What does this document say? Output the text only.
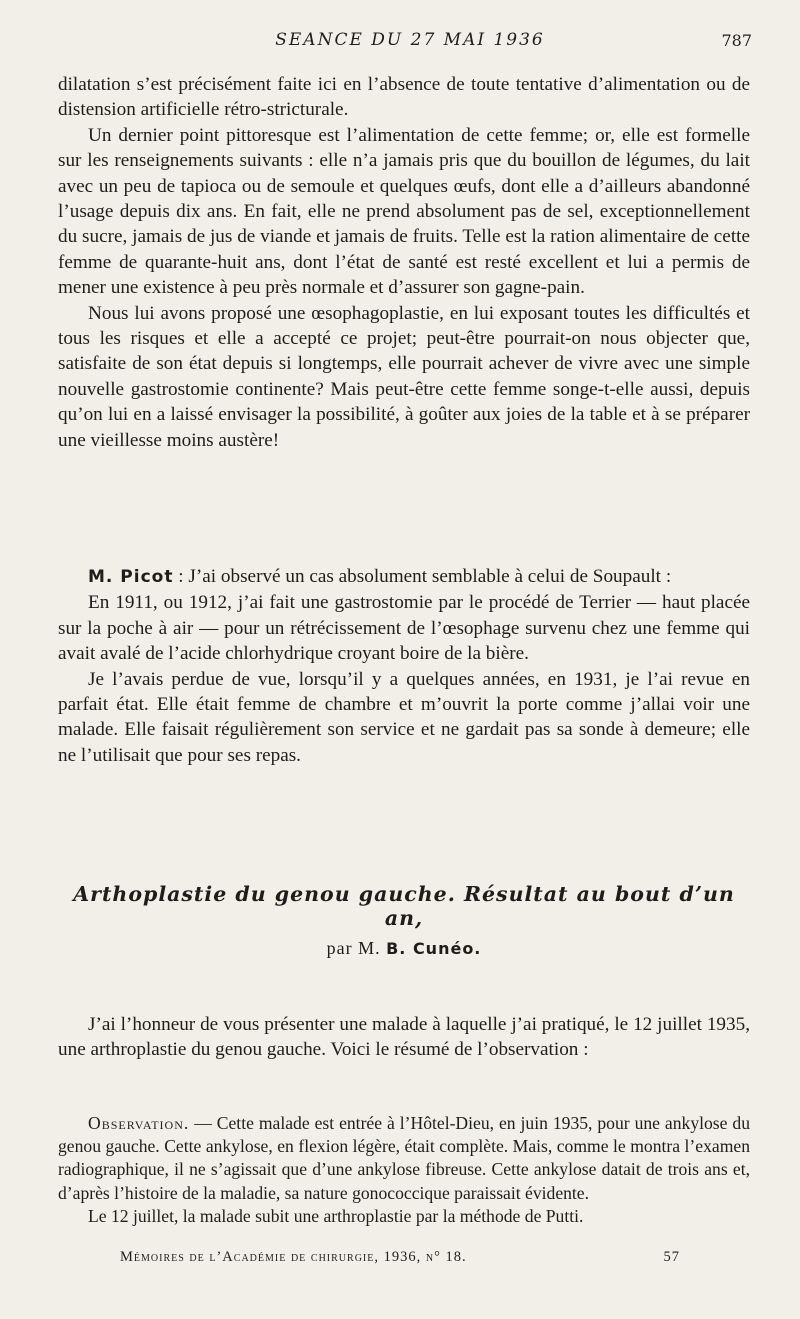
SEANCE DU 27 MAI 1936	787

dilatation s’est précisément faite ici en l’absence de toute tentative d’alimentation ou de distension artificielle rétro-stricturale.

Un dernier point pittoresque est l’alimentation de cette femme; or, elle est formelle sur les renseignements suivants : elle n’a jamais pris que du bouillon de légumes, du lait avec un peu de tapioca ou de semoule et quelques œufs, dont elle a d’ailleurs abandonné l’usage depuis dix ans. En fait, elle ne prend absolument pas de sel, exceptionnellement du sucre, jamais de jus de viande et jamais de fruits. Telle est la ration alimentaire de cette femme de quarante-huit ans, dont l’état de santé est resté excellent et lui a permis de mener une existence à peu près normale et d’assurer son gagne-pain.

Nous lui avons proposé une œsophagoplastie, en lui exposant toutes les difficultés et tous les risques et elle a accepté ce projet; peut-être pourrait-on nous objecter que, satisfaite de son état depuis si longtemps, elle pourrait achever de vivre avec une simple nouvelle gastrostomie continente? Mais peut-être cette femme songe-t-elle aussi, depuis qu’on lui en a laissé envisager la possibilité, à goûter aux joies de la table et à se préparer une vieillesse moins austère!

M. Picot : J’ai observé un cas absolument semblable à celui de Soupault :

En 1911, ou 1912, j’ai fait une gastrostomie par le procédé de Terrier — haut placée sur la poche à air — pour un rétrécissement de l’œsophage survenu chez une femme qui avait avalé de l’acide chlorhydrique croyant boire de la bière.

Je l’avais perdue de vue, lorsqu’il y a quelques années, en 1931, je l’ai revue en parfait état. Elle était femme de chambre et m’ouvrit la porte comme j’allai voir une malade. Elle faisait régulièrement son service et ne gardait pas sa sonde à demeure; elle ne l’utilisait que pour ses repas.

Arthoplastie du genou gauche. Résultat au bout d’un an,
par M. B. Cunéo.

J’ai l’honneur de vous présenter une malade à laquelle j’ai pratiqué, le 12 juillet 1935, une arthroplastie du genou gauche. Voici le résumé de l’observation :

Observation. — Cette malade est entrée à l’Hôtel-Dieu, en juin 1935, pour une ankylose du genou gauche. Cette ankylose, en flexion légère, était complète. Mais, comme le montra l’examen radiographique, il ne s’agissait que d’une ankylose fibreuse. Cette ankylose datait de trois ans et, d’après l’histoire de la maladie, sa nature gonococcique paraissait évidente.

Le 12 juillet, la malade subit une arthroplastie par la méthode de Putti.

Mémoires de l’Académie de chirurgie, 1936, n° 18.	57
